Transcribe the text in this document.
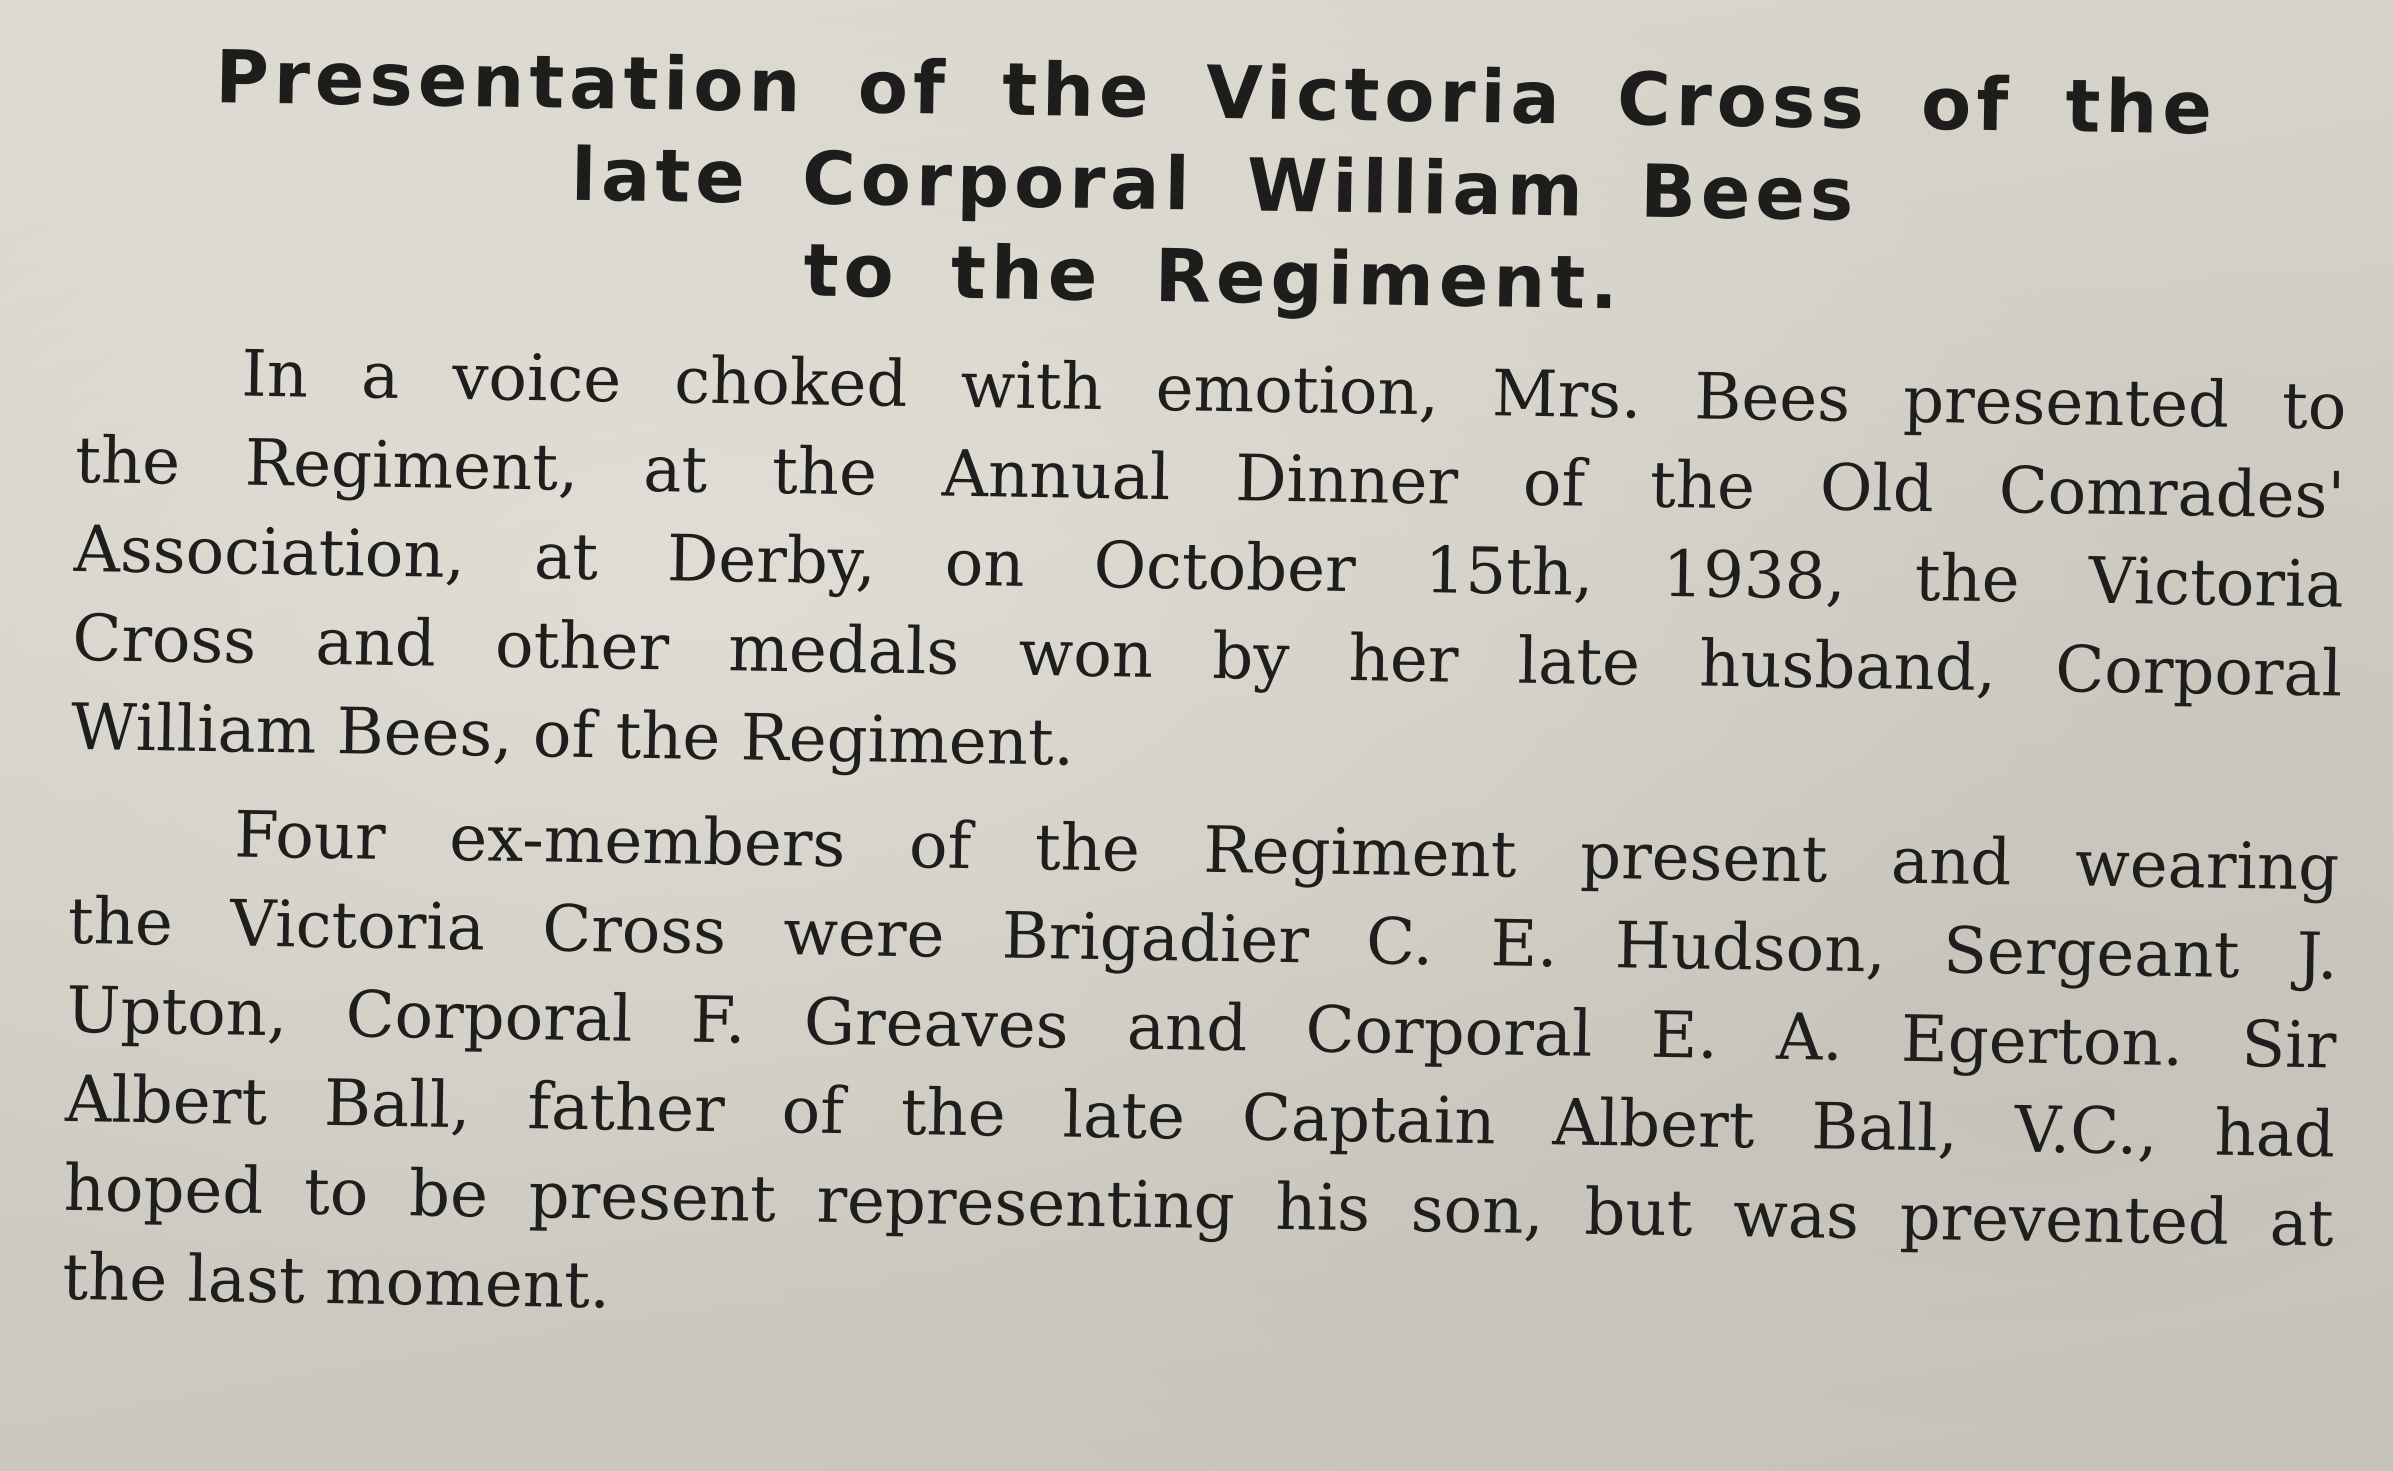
Presentation of the Victoria Cross of the
late Corporal William Bees
to the Regiment.

In a voice choked with emotion, Mrs. Bees presented to
the Regiment, at the Annual Dinner of the Old Comrades'
Association, at Derby, on October 15th, 1938, the Victoria
Cross and other medals won by her late husband, Corporal
William Bees, of the Regiment.

Four ex-members of the Regiment present and wearing
the Victoria Cross were Brigadier C. E. Hudson, Sergeant J.
Upton, Corporal F. Greaves and Corporal E. A. Egerton. Sir
Albert Ball, father of the late Captain Albert Ball, V.C., had
hoped to be present representing his son, but was prevented at
the last moment.
